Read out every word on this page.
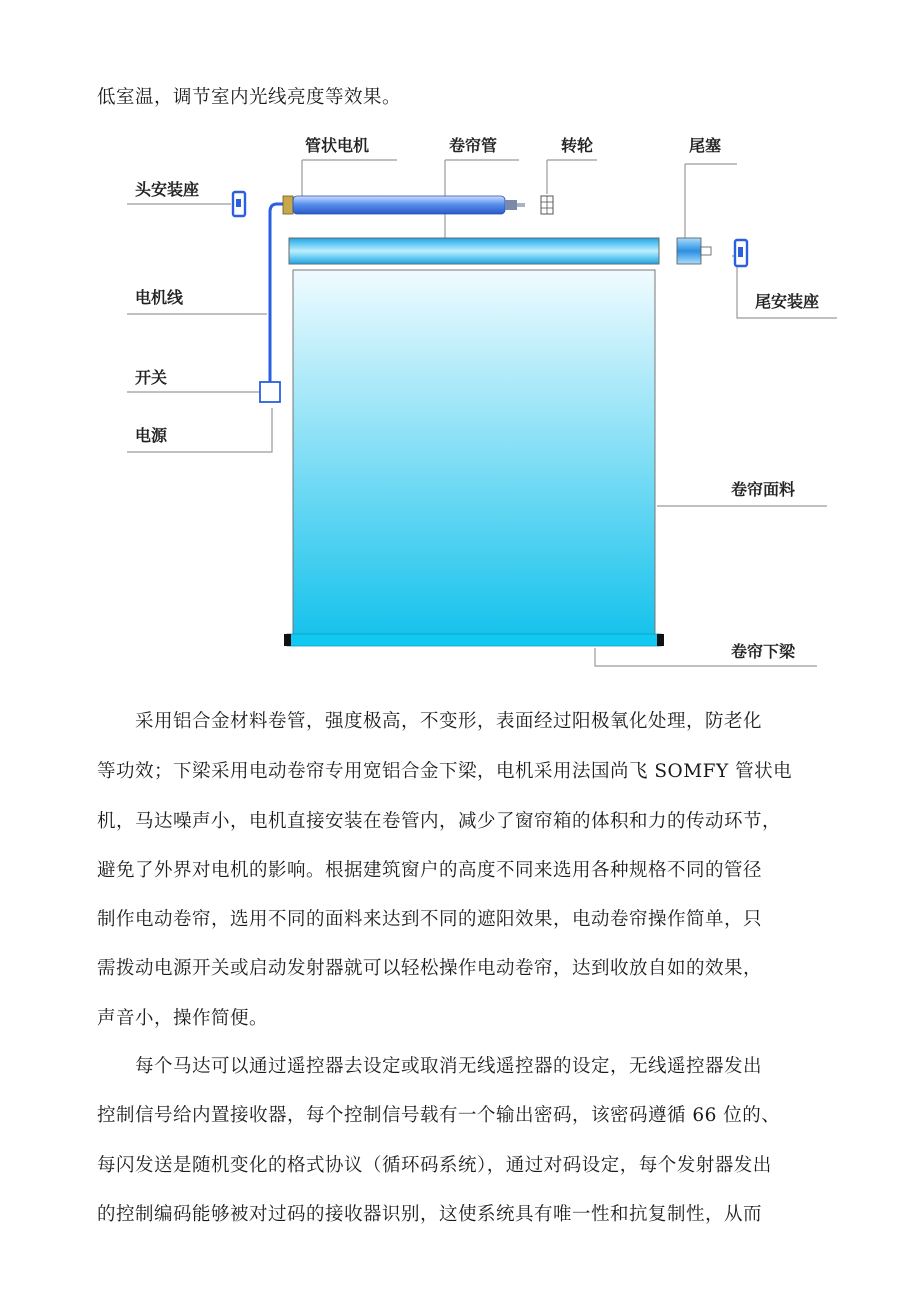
低室温，调节室内光线亮度等效果。
管状电机	卷帘管	转轮	尾塞
头安装座
尾安装座
电机线
开关
电源
卷帘面料
卷帘下梁
　　采用铝合金材料卷管，强度极高，不变形，表面经过阳极氧化处理，防老化
等功效；下梁采用电动卷帘专用宽铝合金下梁，电机采用法国尚飞 SOMFY 管状电
机，马达噪声小，电机直接安装在卷管内，减少了窗帘箱的体积和力的传动环节，
避免了外界对电机的影响。根据建筑窗户的高度不同来选用各种规格不同的管径
制作电动卷帘，选用不同的面料来达到不同的遮阳效果，电动卷帘操作简单，只
需拨动电源开关或启动发射器就可以轻松操作电动卷帘，达到收放自如的效果，
声音小，操作简便。
　　每个马达可以通过遥控器去设定或取消无线遥控器的设定，无线遥控器发出
控制信号给内置接收器，每个控制信号载有一个输出密码，该密码遵循 66 位的、
每闪发送是随机变化的格式协议（循环码系统），通过对码设定，每个发射器发出
的控制编码能够被对过码的接收器识别，这使系统具有唯一性和抗复制性，从而
